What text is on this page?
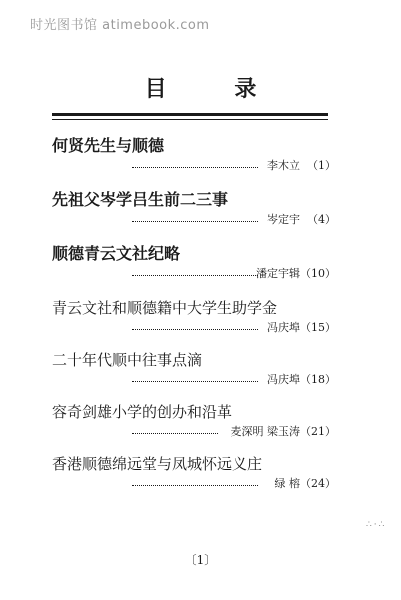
时光图书馆 atimebook.com
目 录
何贤先生与顺德
李木立 （1）
先祖父岑学吕生前二三事
岑定宇 （4）
顺德青云文社纪略
潘定宇辑 （10）
青云文社和顺德籍中大学生助学金
冯庆埠 （15）
二十年代顺中往事点滴
冯庆埠 （18）
容奇剑雄小学的创办和沿革
麦深明 梁玉涛 （21）
香港顺德绵远堂与凤城怀远义庄
绿 榕 （24）
〔1〕
∴·∴
